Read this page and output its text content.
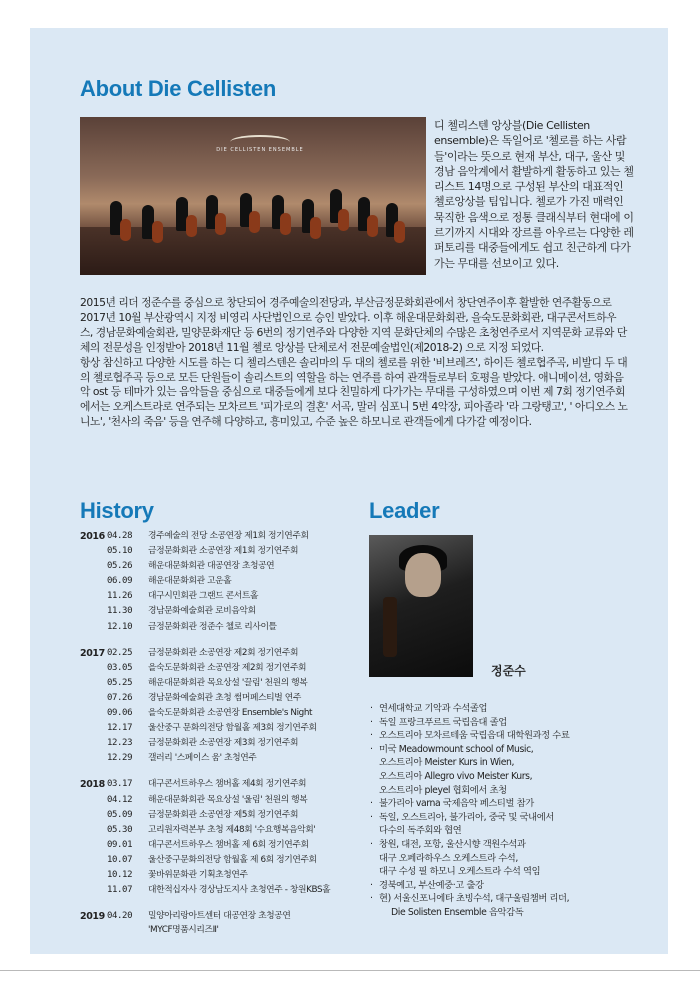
About Die Cellisten
DIE CELLISTEN ENSEMBLE

디 첼리스텐 앙상블(Die Cellisten ensemble)은 독일어로 '첼로를 하는 사람들'이라는 뜻으로 현재 부산, 대구, 울산 및 경남 음악계에서 활발하게 활동하고 있는 첼리스트 14명으로 구성된 부산의 대표적인 첼로앙상블 팀입니다. 첼로가 가진 매력인 묵직한 음색으로 정통 클래식부터 현대에 이르기까지 시대와 장르를 아우르는 다양한 레퍼토리를 대중들에게도 쉽고 친근하게 다가가는 무대를 선보이고 있다.

2015년 리더 정준수를 중심으로 창단되어 경주예술의전당과, 부산금정문화회관에서 창단연주이후 활발한 연주활동으로 2017년 10월 부산광역시 지정 비영리 사단법인으로 승인 받았다. 이후 해운대문화회관, 을숙도문화회관, 대구콘서트하우스, 경남문화예술회관, 밀양문화재단 등 6번의 정기연주와 다양한 지역 문화단체의 수많은 초청연주로서 지역문화 교류와 단체의 전문성을 인정받아 2018년 11월 첼로 앙상블 단체로서 전문예술법인(제2018-2) 으로 지정 되었다.

항상 참신하고 다양한 시도를 하는 디 첼리스텐은 솔리마의 두 대의 첼로를 위한 '비브레즈', 하이든 첼로협주곡, 비발디 두 대의 첼로협주곡 등으로 모든 단원들이 솔리스트의 역할을 하는 연주를 하여 관객들로부터 호평을 받았다. 애니메이션, 영화음악 ost 등 테마가 있는 음악들을 중심으로 대중들에게 보다 친밀하게 다가가는 무대를 구성하였으며 이번 제 7회 정기연주회에서는 오케스트라로 연주되는 모차르트 '피가로의 결혼' 서곡, 말러 심포니 5번 4악장, 피아졸라 '라 그랑탱고', ' 아디오스 노니노', '천사의 죽음' 등을 연주해 다양하고, 흥미있고, 수준 높은 하모니로 관객들에게 다가갈 예정이다.

History
2016 04.28	경주예술의 전당 소공연장 제1회 정기연주회
05.10	금정문화회관 소공연장 제1회 정기연주회
05.26	해운대문화회관 대공연장 초청공연
06.09	해운대문화회관 고운홀
11.26	대구시민회관 그랜드 콘서트홀
11.30	경남문화예술회관 로비음악회
12.10	금정문화회관 정준수 첼로 리사이틀
2017 02.25	금정문화회관 소공연장 제2회 정기연주회
03.05	을숙도문화회관 소공연장 제2회 정기연주회
05.25	해운대문화회관 목요상설 '끌림' 천원의 행복
07.26	경남문화예술회관 초청 썸머페스티벌 연주
09.06	을숙도문화회관 소공연장 Ensemble's Night
12.17	울산중구 문화의전당 함월홀 제3회 정기연주회
12.23	금정문화회관 소공연장 제3회 정기연주회
12.29	갤러리 '스페이스 움' 초청연주
2018 03.17	대구콘서트하우스 챔버홀 제4회 정기연주회
04.12	해운대문화회관 목요상설 '울림' 천원의 행복
05.09	금정문화회관 소공연장 제5회 정기연주회
05.30	고리원자력본부 초청 제48회 '수요행복음악회'
09.01	대구콘서트하우스 챔버홀 제 6회 정기연주회
10.07	울산중구문화의전당 함월홀 제 6회 정기연주회
10.12	꽃바위문화관 기획초청연주
11.07	대한적십자사 경상남도지사 초청연주 - 창원KBS홀
2019 04.20	밀양아리랑아트센터 대공연장 초청공연
'MYCF명품시리즈Ⅱ'
Leader

정준수

· 연세대학교 기악과 수석졸업
· 독일 프랑크푸르트 국립음대 졸업
· 오스트리아 모차르테움 국립음대 대학원과정 수료
· 미국 Meadowmount school of Music,
오스트리아 Meister Kurs in Wien,
오스트리아 Allegro vivo Meister Kurs,
오스트리아 pleyel 협회에서 초청
· 불가리아 varna 국제음악 페스티벌 참가
· 독일, 오스트리아, 불가리아, 중국 및 국내에서
다수의 독주회와 협연
· 창원, 대전, 포항, 울산시향 객원수석과
대구 오페라하우스 오케스트라 수석,
대구 수성 필 하모니 오케스트라 수석 역임
· 경북예고, 부산예중·고 출강
· 현) 서울신포니에타 초빙수석, 대구울림챔버 리더,
Die Solisten Ensemble 음악감독
